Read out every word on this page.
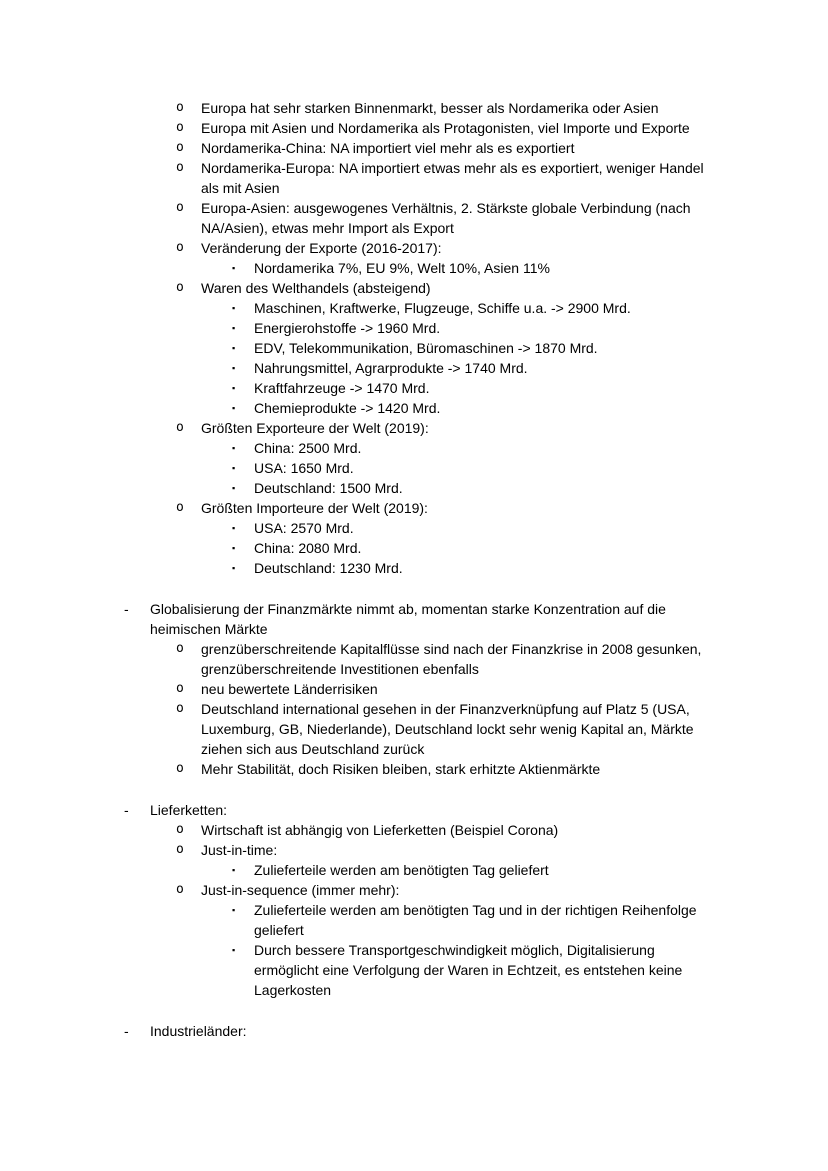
o	Europa hat sehr starken Binnenmarkt, besser als Nordamerika oder Asien
o	Europa mit Asien und Nordamerika als Protagonisten, viel Importe und Exporte
o	Nordamerika-China: NA importiert viel mehr als es exportiert
o	Nordamerika-Europa: NA importiert etwas mehr als es exportiert, weniger Handel als mit Asien
o	Europa-Asien: ausgewogenes Verhältnis, 2. Stärkste globale Verbindung (nach NA/Asien), etwas mehr Import als Export
o	Veränderung der Exporte (2016-2017):
▪	Nordamerika 7%, EU 9%, Welt 10%, Asien 11%
o	Waren des Welthandels (absteigend)
▪	Maschinen, Kraftwerke, Flugzeuge, Schiffe u.a. -> 2900 Mrd.
▪	Energierohstoffe -> 1960 Mrd.
▪	EDV, Telekommunikation, Büromaschinen -> 1870 Mrd.
▪	Nahrungsmittel, Agrarprodukte -> 1740 Mrd.
▪	Kraftfahrzeuge -> 1470 Mrd.
▪	Chemieprodukte -> 1420 Mrd.
o	Größten Exporteure der Welt (2019):
▪	China: 2500 Mrd.
▪	USA: 1650 Mrd.
▪	Deutschland: 1500 Mrd.
o	Größten Importeure der Welt (2019):
▪	USA: 2570 Mrd.
▪	China: 2080 Mrd.
▪	Deutschland: 1230 Mrd.
-	Globalisierung der Finanzmärkte nimmt ab, momentan starke Konzentration auf die heimischen Märkte
o	grenzüberschreitende Kapitalflüsse sind nach der Finanzkrise in 2008 gesunken, grenzüberschreitende Investitionen ebenfalls
o	neu bewertete Länderrisiken
o	Deutschland international gesehen in der Finanzverknüpfung auf Platz 5 (USA, Luxemburg, GB, Niederlande), Deutschland lockt sehr wenig Kapital an, Märkte ziehen sich aus Deutschland zurück
o	Mehr Stabilität, doch Risiken bleiben, stark erhitzte Aktienmärkte
-	Lieferketten:
o	Wirtschaft ist abhängig von Lieferketten (Beispiel Corona)
o	Just-in-time:
▪	Zulieferteile werden am benötigten Tag geliefert
o	Just-in-sequence (immer mehr):
▪	Zulieferteile werden am benötigten Tag und in der richtigen Reihenfolge geliefert
▪	Durch bessere Transportgeschwindigkeit möglich, Digitalisierung ermöglicht eine Verfolgung der Waren in Echtzeit, es entstehen keine Lagerkosten
-	Industrieländer:
